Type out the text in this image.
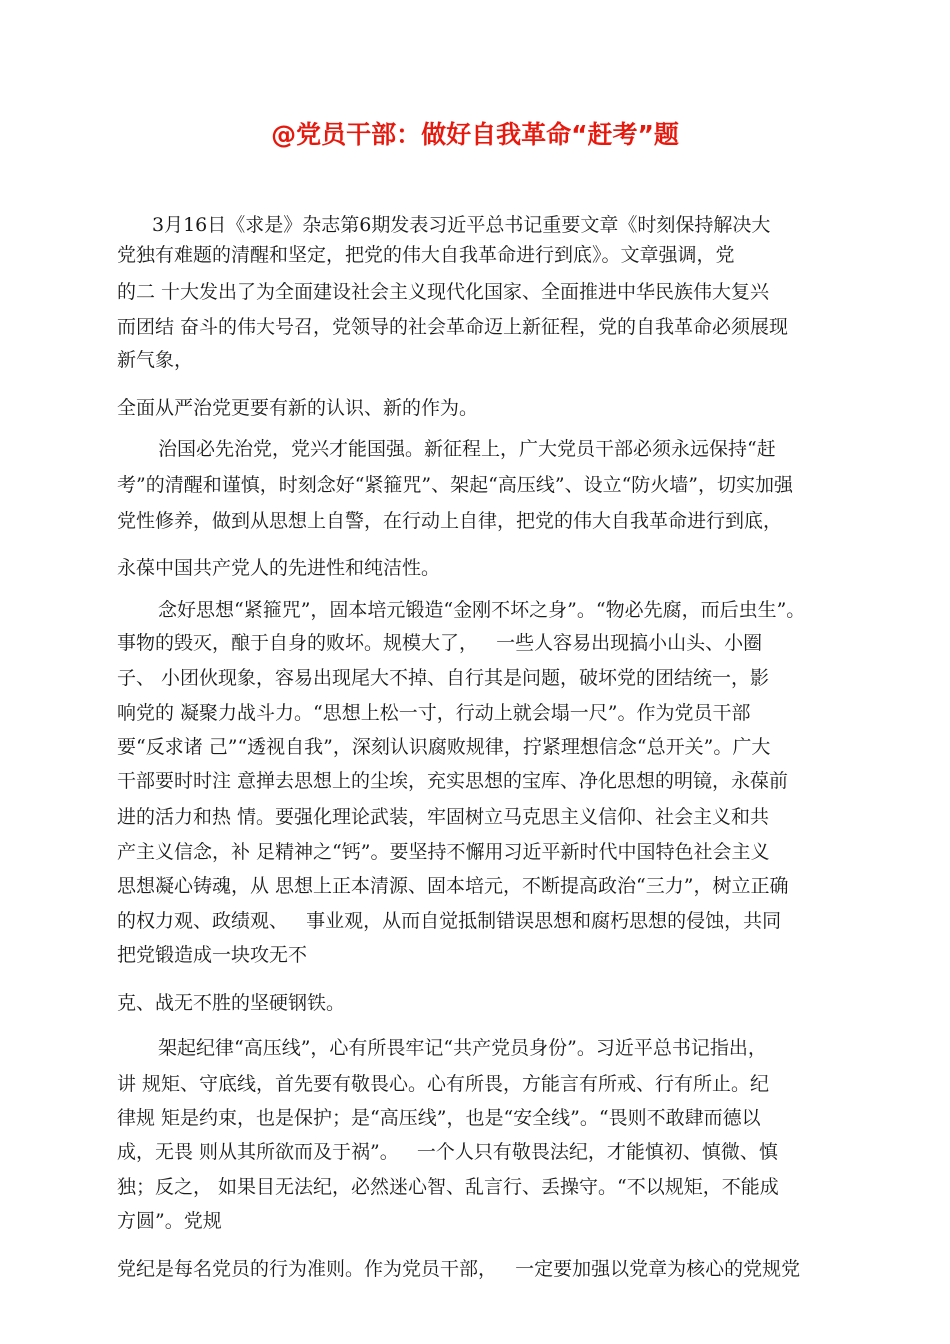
@党员干部：做好自我革命“赶考”题

3月16日《求是》杂志第6期发表习近平总书记重要文章《时刻保持解决大

党独有难题的清醒和坚定，把党的伟大自我革命进行到底》。文章强调，党

的二 十大发出了为全面建设社会主义现代化国家、全面推进中华民族伟大复兴

而团结 奋斗的伟大号召，党领导的社会革命迈上新征程，党的自我革命必须展现

新气象，

全面从严治党更要有新的认识、新的作为。

治国必先治党，党兴才能国强。新征程上，广大党员干部必须永远保持“赶

考”的清醒和谨慎，时刻念好“紧箍咒”、架起“高压线”、设立“防火墙”，切实加强

党性修养，做到从思想上自警，在行动上自律，把党的伟大自我革命进行到底，

永葆中国共产党人的先进性和纯洁性。

念好思想“紧箍咒”，固本培元锻造“金刚不坏之身”。“物必先腐，而后虫生”。

事物的毁灭，酿于自身的败坏。规模大了，   一些人容易出现搞小山头、小圈

子、 小团伙现象，容易出现尾大不掉、自行其是问题，破坏党的团结统一，影

响党的 凝聚力战斗力。“思想上松一寸，行动上就会塌一尺”。作为党员干部

要“反求诸 己”“透视自我”，深刻认识腐败规律，拧紧理想信念“总开关”。广大

干部要时时注 意掸去思想上的尘埃，充实思想的宝库、净化思想的明镜，永葆前

进的活力和热 情。要强化理论武装，牢固树立马克思主义信仰、社会主义和共

产主义信念，补 足精神之“钙”。要坚持不懈用习近平新时代中国特色社会主义

思想凝心铸魂，从 思想上正本清源、固本培元，不断提高政治“三力”，树立正确

的权力观、政绩观、   事业观，从而自觉抵制错误思想和腐朽思想的侵蚀，共同

把党锻造成一块攻无不

克、战无不胜的坚硬钢铁。

架起纪律“高压线”，心有所畏牢记“共产党员身份”。习近平总书记指出，

讲 规矩、守底线，首先要有敬畏心。心有所畏，方能言有所戒、行有所止。纪

律规 矩是约束，也是保护；是“高压线”，也是“安全线”。“畏则不敢肆而德以

成，无畏 则从其所欲而及于祸”。   一个人只有敬畏法纪，才能慎初、慎微、慎

独；反之， 如果目无法纪，必然迷心智、乱言行、丢操守。“不以规矩，不能成

方圆”。党规

党纪是每名党员的行为准则。作为党员干部，   一定要加强以党章为核心的党规党
